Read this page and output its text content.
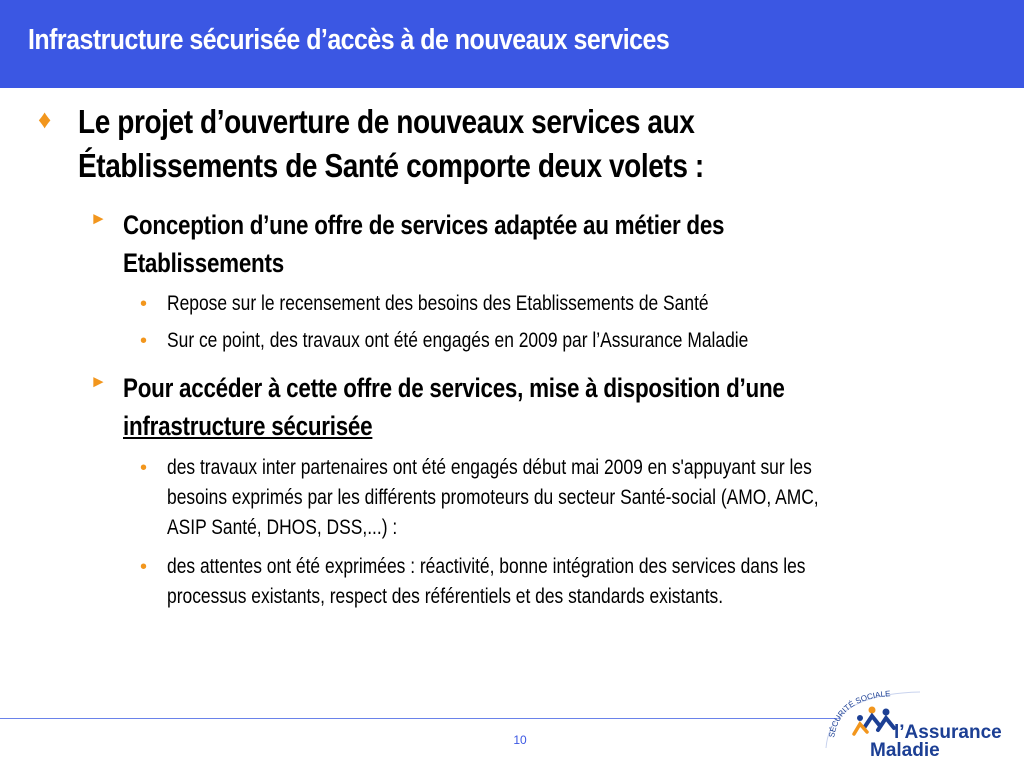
Infrastructure sécurisée d’accès à de nouveaux services
♦ Le projet d’ouverture de nouveaux services aux
Établissements de Santé comporte deux volets :
► Conception d’une offre de services adaptée au métier des
Etablissements
• Repose sur le recensement des besoins des Etablissements de Santé
• Sur ce point, des travaux ont été engagés en 2009 par l’Assurance Maladie
► Pour accéder à cette offre de services, mise à disposition d’une
infrastructure sécurisée
• des travaux inter partenaires ont été engagés début mai 2009 en s'appuyant sur les
besoins exprimés par les différents promoteurs du secteur Santé-social (AMO, AMC,
ASIP Santé, DHOS, DSS,...) :
• des attentes ont été exprimées : réactivité, bonne intégration des services dans les
processus existants, respect des référentiels et des standards existants.
10	SÉCURITÉ SOCIALE
l’Assurance
Maladie
